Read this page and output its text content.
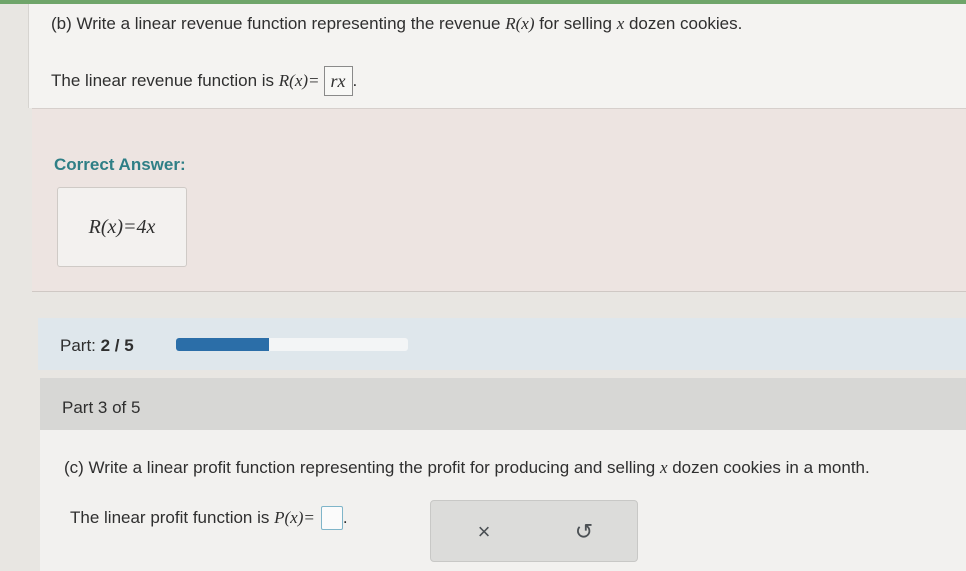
(b) Write a linear revenue function representing the revenue R(x) for selling x dozen cookies.
The linear revenue function is
R (x) = rx .
Correct Answer:
R (x) = 4x
Part: 2 / 5
Part 3 of 5
(c) Write a linear profit function representing the profit for producing and selling x dozen cookies in a month.
The linear profit function is
P (x) = .
×	↺
